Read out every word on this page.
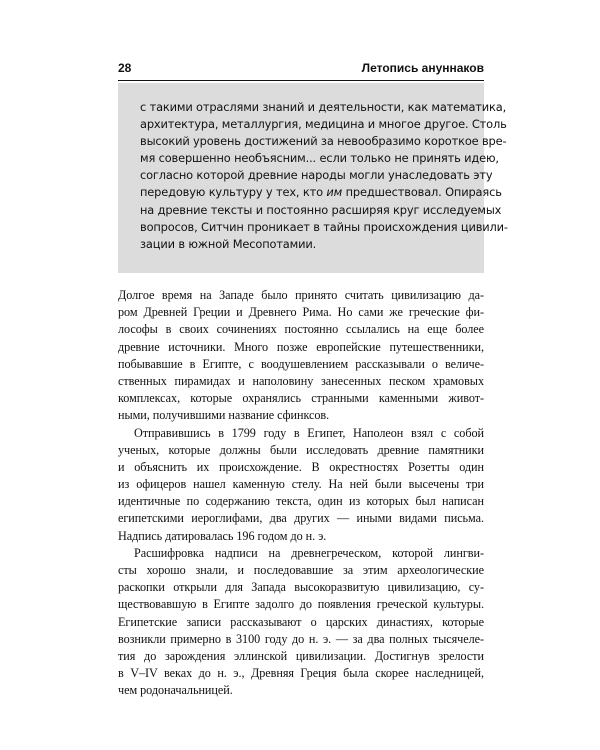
28	Летопись ануннаков
с такими отраслями знаний и деятельности, как математика,
архитектура, металлургия, медицина и многое другое. Столь
высокий уровень достижений за невообразимо короткое вре-
мя совершенно необъясним... если только не принять идею,
согласно которой древние народы могли унаследовать эту
передовую культуру у тех, кто им предшествовал. Опираясь
на древние тексты и постоянно расширяя круг исследуемых
вопросов, Ситчин проникает в тайны происхождения цивили-
зации в южной Месопотамии.
Долгое время на Западе было принято считать цивилизацию да-
ром Древней Греции и Древнего Рима. Но сами же греческие фи-
лософы в своих сочинениях постоянно ссылались на еще более
древние источники. Много позже европейские путешественники,
побывавшие в Египте, с воодушевлением рассказывали о величе-
ственных пирамидах и наполовину занесенных песком храмовых
комплексах, которые охранялись странными каменными живот-
ными, получившими название сфинксов.
Отправившись в 1799 году в Египет, Наполеон взял с собой
ученых, которые должны были исследовать древние памятники
и объяснить их происхождение. В окрестностях Розетты один
из офицеров нашел каменную стелу. На ней были высечены три
идентичные по содержанию текста, один из которых был написан
египетскими иероглифами, два других — иными видами письма.
Надпись датировалась 196 годом до н. э.
Расшифровка надписи на древнегреческом, которой лингви-
сты хорошо знали, и последовавшие за этим археологические
раскопки открыли для Запада высокоразвитую цивилизацию, су-
ществовавшую в Египте задолго до появления греческой культуры.
Египетские записи рассказывают о царских династиях, которые
возникли примерно в 3100 году до н. э. — за два полных тысячеле-
тия до зарождения эллинской цивилизации. Достигнув зрелости
в V–IV веках до н. э., Древняя Греция была скорее наследницей,
чем родоначальницей.
